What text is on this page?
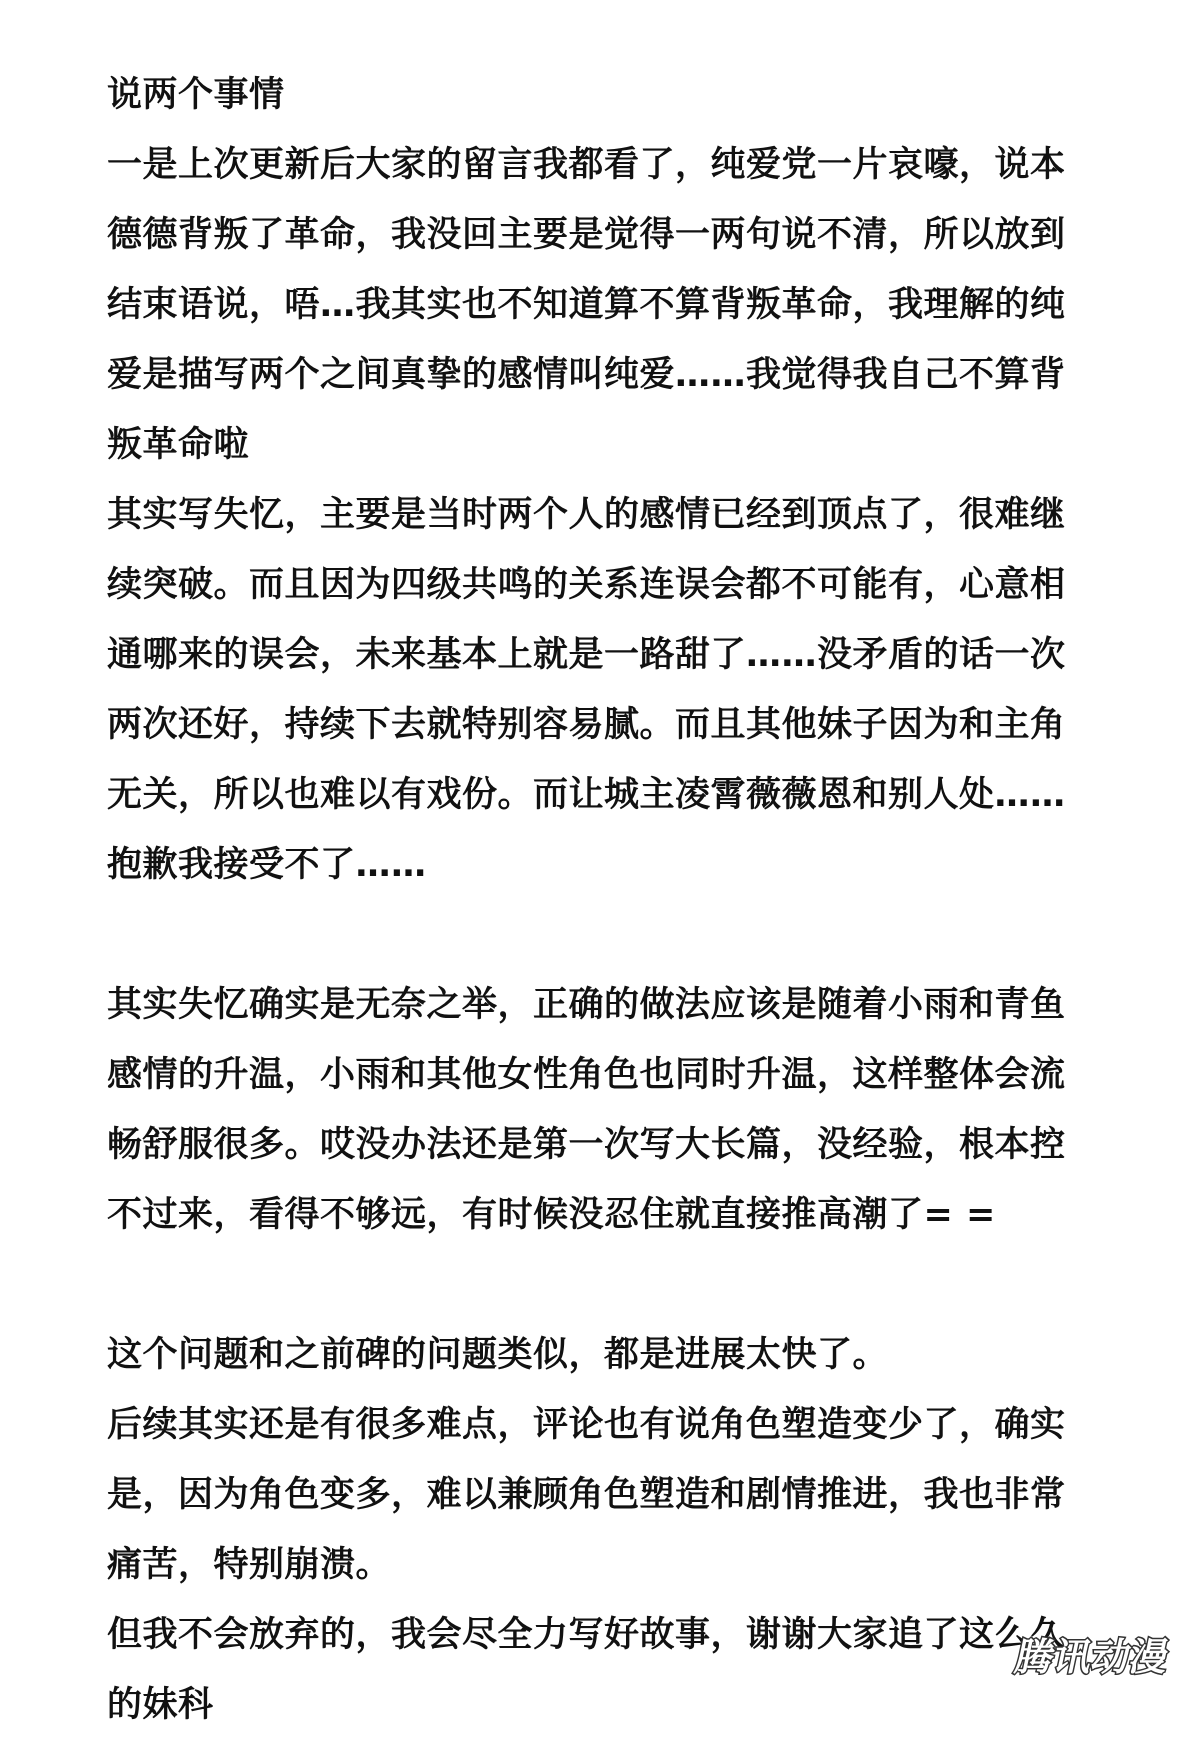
说两个事情
一是上次更新后大家的留言我都看了，纯爱党一片哀嚎，说本
德德背叛了革命，我没回主要是觉得一两句说不清，所以放到
结束语说，唔…我其实也不知道算不算背叛革命，我理解的纯
爱是描写两个之间真挚的感情叫纯爱……我觉得我自己不算背
叛革命啦
其实写失忆，主要是当时两个人的感情已经到顶点了，很难继
续突破。而且因为四级共鸣的关系连误会都不可能有，心意相
通哪来的误会，未来基本上就是一路甜了……没矛盾的话一次
两次还好，持续下去就特别容易腻。而且其他妹子因为和主角
无关，所以也难以有戏份。而让城主凌霄薇薇恩和别人处……
抱歉我接受不了……
其实失忆确实是无奈之举，正确的做法应该是随着小雨和青鱼
感情的升温，小雨和其他女性角色也同时升温，这样整体会流
畅舒服很多。哎没办法还是第一次写大长篇，没经验，根本控
不过来，看得不够远，有时候没忍住就直接推高潮了= =
这个问题和之前碑的问题类似，都是进展太快了。
后续其实还是有很多难点，评论也有说角色塑造变少了，确实
是，因为角色变多，难以兼顾角色塑造和剧情推进，我也非常
痛苦，特别崩溃。
但我不会放弃的，我会尽全力写好故事，谢谢大家追了这么久
的妹科
腾讯动漫
